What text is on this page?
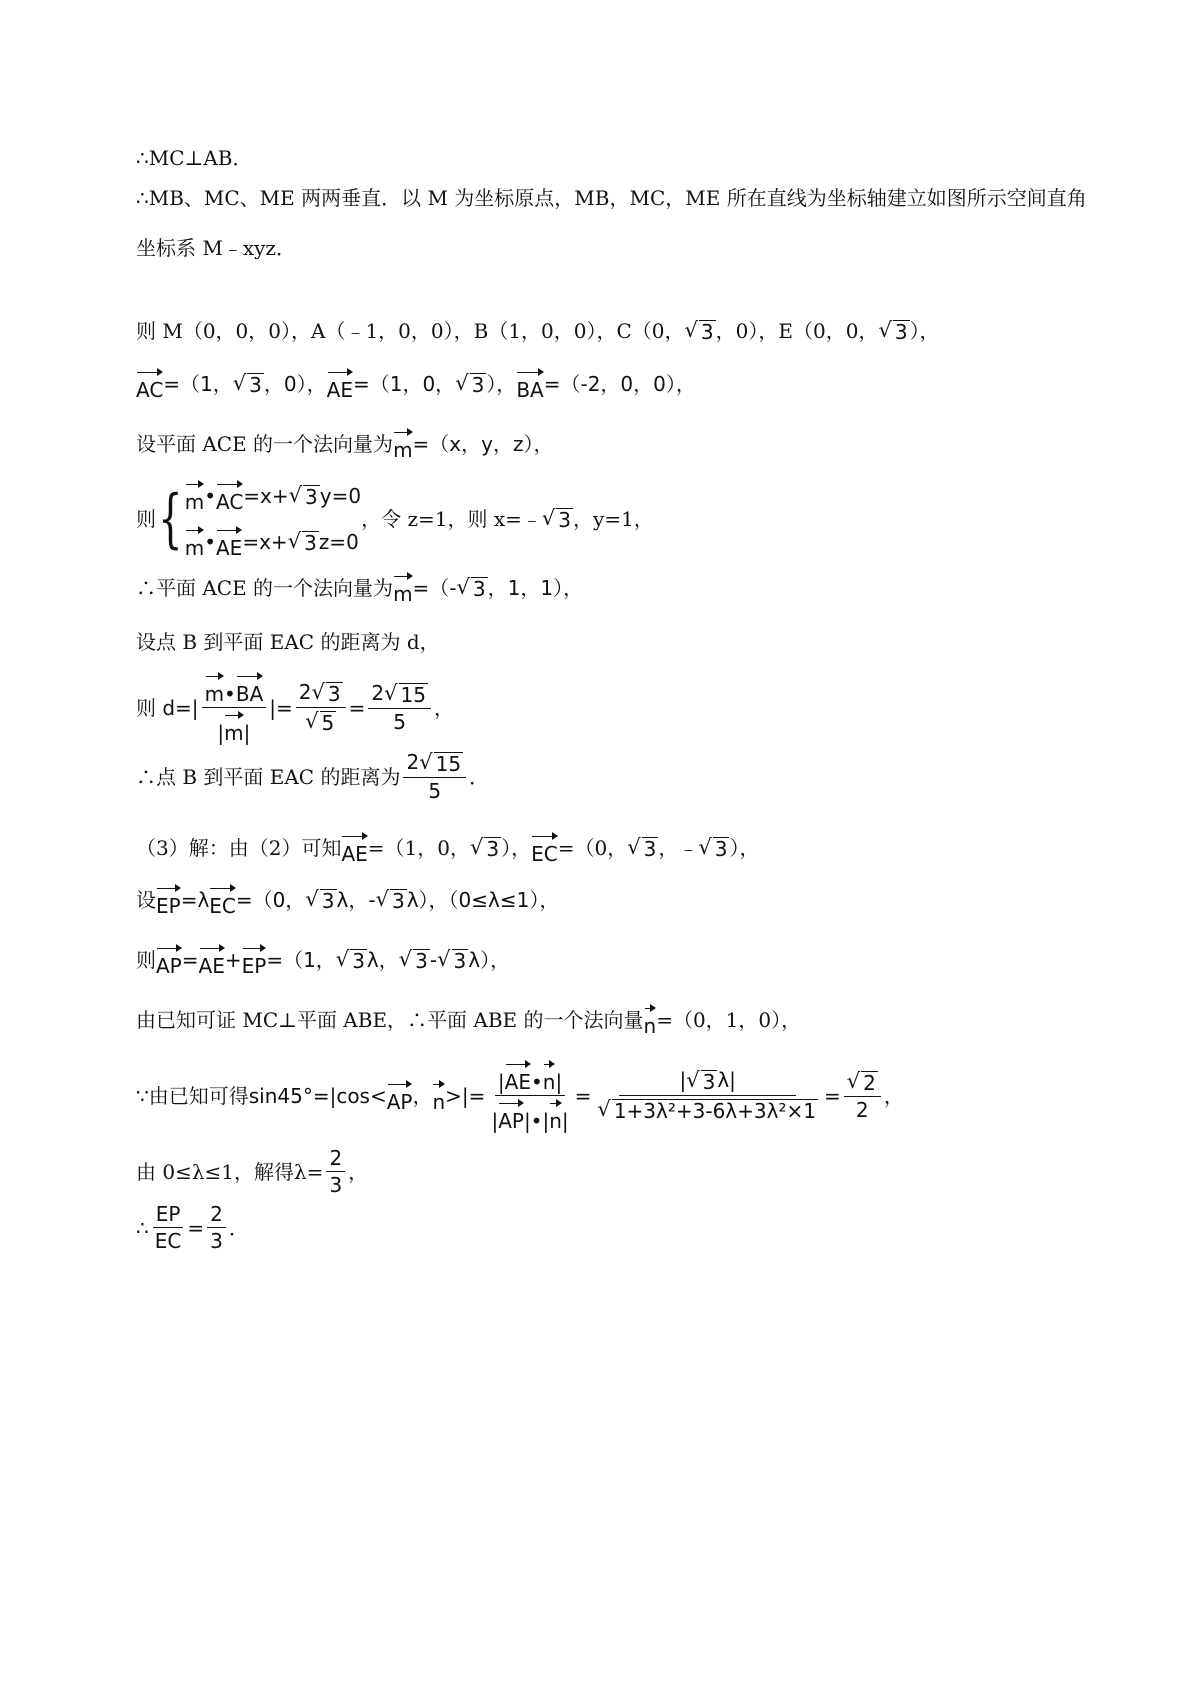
∴MC⊥AB．
∴MB、MC、ME 两两垂直．以 M 为坐标原点，MB，MC，ME 所在直线为坐标轴建立如图所示空间直角
坐标系 M﹣xyz．
则 M（0，0，0），A（﹣1，0，0），B（1，0，0），C（0， √ 3 ，0），E（0，0， √ 3 ），
AC =（1， √ 3 ，0）， AE =（1，0， √ 3 ）， BA =（-2，0，0），
设平面 ACE 的一个法向量为 m =（x，y，z），
则 { m • AC =x+ √ 3 y=0
m • AE =x+ √ 3 z=0
，令 z=1，则 x=﹣ √ 3 ，y=1，
∴平面 ACE 的一个法向量为 m =（- √ 3 ，1，1），
设点 B 到平面 EAC 的距离为 d，
则 $d=| \frac{m•BA}{|m|}$ |= $\frac{2 √ 3}{√ 5} = \frac{2 √ 15}{5}$ ，
∴点 B 到平面 EAC 的距离为 $\frac{2 √ 15}{5}$ ．
（3）解：由（2）可知 AE =（1，0， √ 3 ）， EC =（0， √ 3 ，﹣ √ 3 ），
设 EP =λ EC =（0， √ 3 λ，- √ 3 λ），（0≤λ≤1），
则 AP = AE + EP =（1， √ 3 λ， √ 3 - √ 3 λ），
由已知可证 MC⊥平面 ABE，∴平面 ABE 的一个法向量 n =（0，1，0），
∵由已知可得sin45°=|cos< AP ， n >|= $\frac{|AE•n|}{|AP|•|n|} = \frac{| √ 3 \lambda|}{\text{√ 1+3λ²+3-6λ+3λ²×1}} = \frac{√ 2}{2}$ ，
由 0≤λ≤1，解得$\lambda= \frac{2}{3}$ ，
∴ $\frac{EP}{EC} = \frac{2}{3}$ ．
